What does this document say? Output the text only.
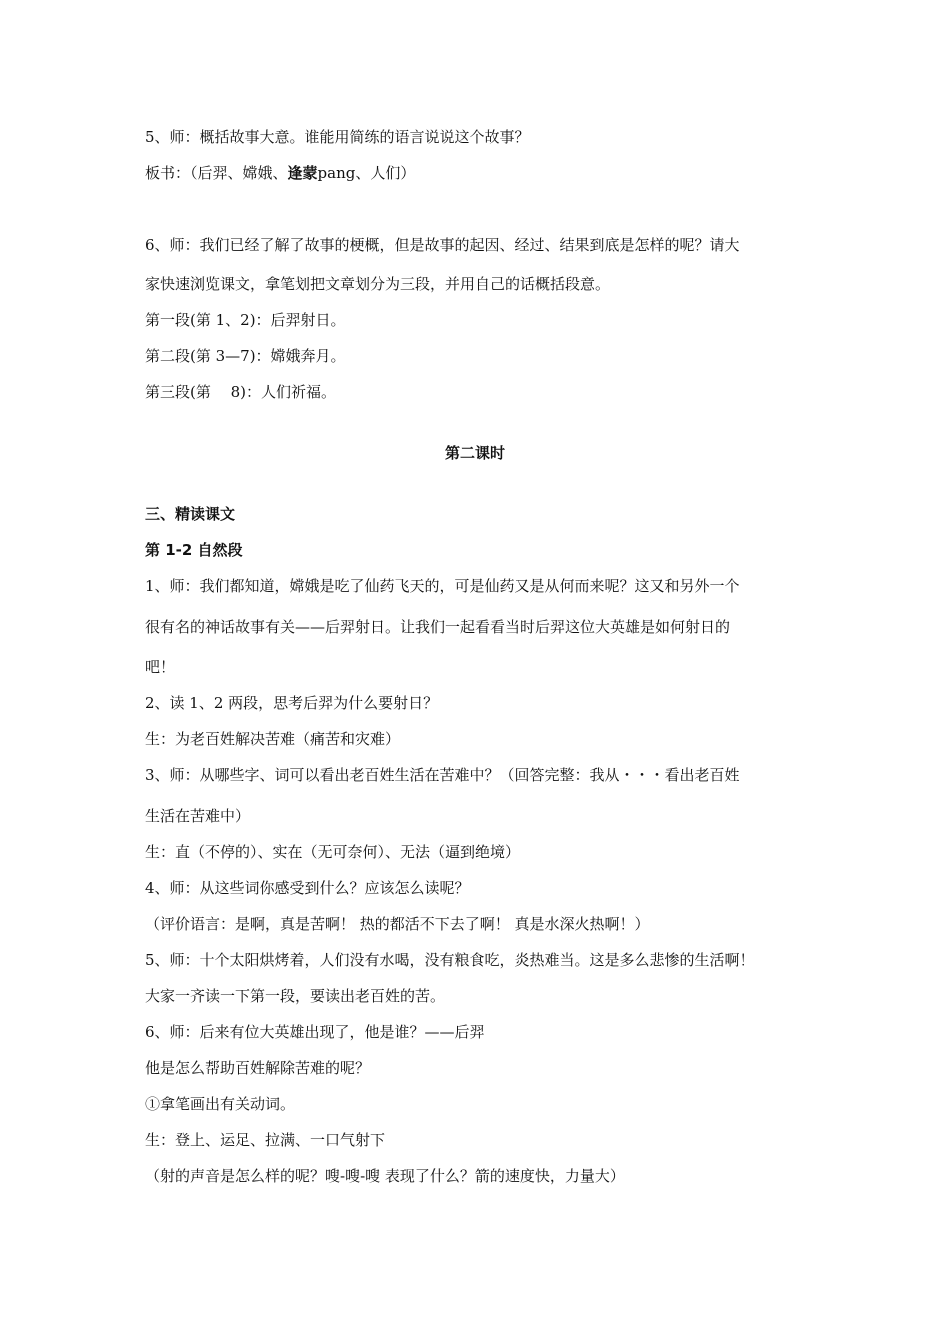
5、师：概括故事大意。谁能用简练的语言说说这个故事？
板书：（后羿、嫦娥、逢蒙pang、人们）
6、师：我们已经了解了故事的梗概，但是故事的起因、经过、结果到底是怎样的呢？请大
家快速浏览课文，拿笔划把文章划分为三段，并用自己的话概括段意。
第一段(第 1、2)：后羿射日。
第二段(第 3—7)：嫦娥奔月。
第三段(第　 8)：人们祈福。
第二课时
三、精读课文
第 1-2 自然段
1、师：我们都知道，嫦娥是吃了仙药飞天的，可是仙药又是从何而来呢？这又和另外一个
很有名的神话故事有关——后羿射日。让我们一起看看当时后羿这位大英雄是如何射日的
吧！
2、读 1、2 两段，思考后羿为什么要射日？
生：为老百姓解决苦难（痛苦和灾难）
3、师：从哪些字、词可以看出老百姓生活在苦难中？（回答完整：我从・・・看出老百姓
生活在苦难中）
生：直（不停的）、实在（无可奈何）、无法（逼到绝境）
4、师：从这些词你感受到什么？应该怎么读呢？
（评价语言：是啊，真是苦啊！ 热的都活不下去了啊！ 真是水深火热啊！）
5、师：十个太阳烘烤着，人们没有水喝，没有粮食吃，炎热难当。这是多么悲惨的生活啊！
大家一齐读一下第一段，要读出老百姓的苦。
6、师：后来有位大英雄出现了，他是谁？——后羿
他是怎么帮助百姓解除苦难的呢？
①拿笔画出有关动词。
生：登上、运足、拉满、一口气射下
（射的声音是怎么样的呢？嗖-嗖-嗖 表现了什么？箭的速度快，力量大）
